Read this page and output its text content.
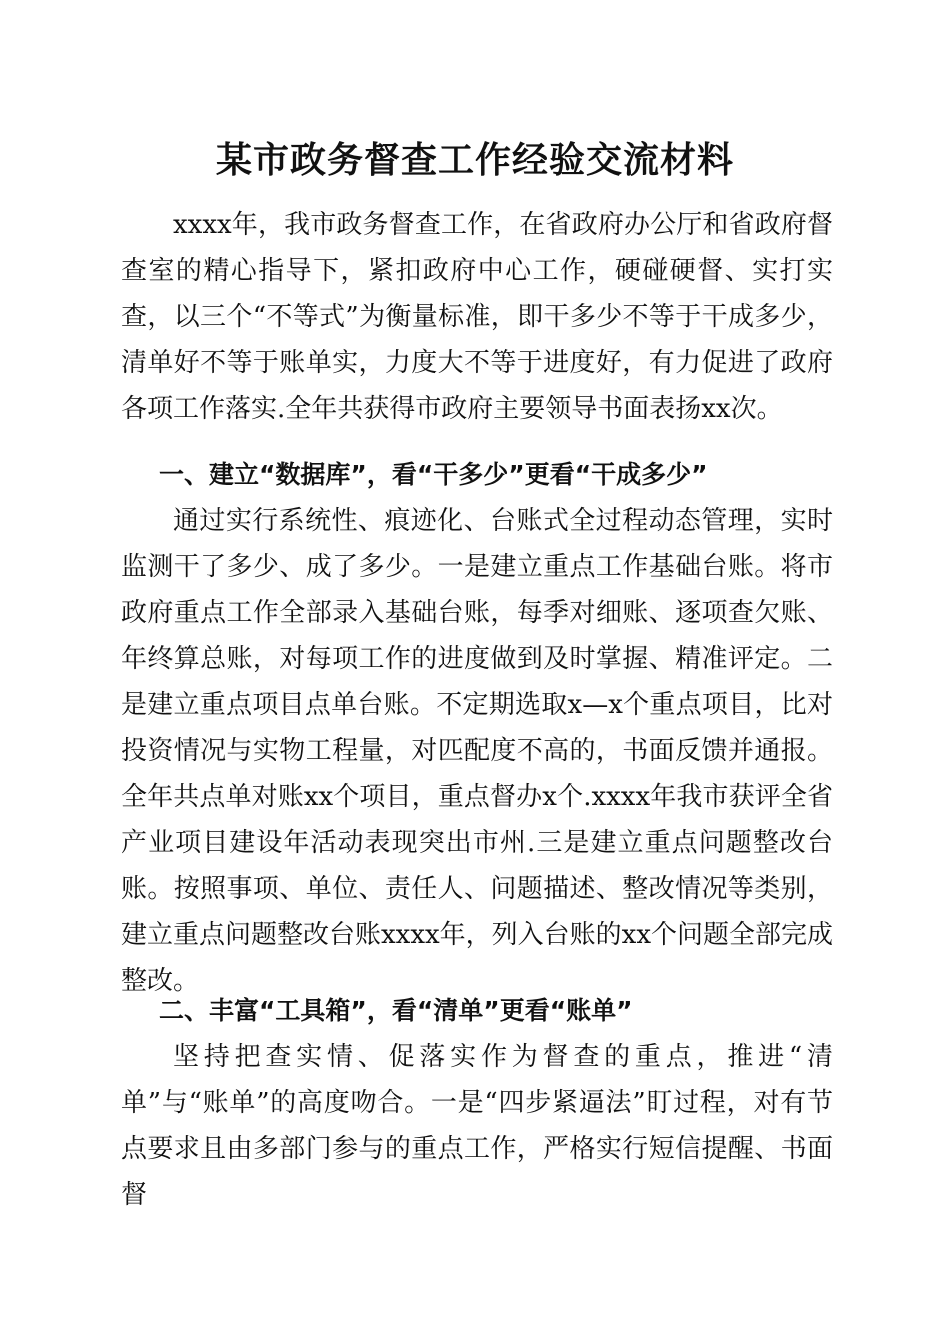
某市政务督查工作经验交流材料

xxxx年，我市政务督查工作，在省政府办公厅和省政府督查室的精心指导下，紧扣政府中心工作，硬碰硬督、实打实查，以三个“不等式”为衡量标准，即干多少不等于干成多少，清单好不等于账单实，力度大不等于进度好，有力促进了政府各项工作落实.全年共获得市政府主要领导书面表扬xx次。

一、建立“数据库”，看“干多少”更看“干成多少”

通过实行系统性、痕迹化、台账式全过程动态管理，实时监测干了多少、成了多少。一是建立重点工作基础台账。将市政府重点工作全部录入基础台账，每季对细账、逐项查欠账、年终算总账，对每项工作的进度做到及时掌握、精准评定。二是建立重点项目点单台账。不定期选取x—x个重点项目，比对投资情况与实物工程量，对匹配度不高的，书面反馈并通报。全年共点单对账xx个项目，重点督办x个.xxxx年我市获评全省产业项目建设年活动表现突出市州.三是建立重点问题整改台账。按照事项、单位、责任人、问题描述、整改情况等类别，建立重点问题整改台账xxxx年，列入台账的xx个问题全部完成整改。

二、丰富“工具箱”，看“清单”更看“账单”

坚持把查实情、促落实作为督查的重点，推进“清单”与“账单”的高度吻合。一是“四步紧逼法”盯过程，对有节点要求且由多部门参与的重点工作，严格实行短信提醒、书面督
